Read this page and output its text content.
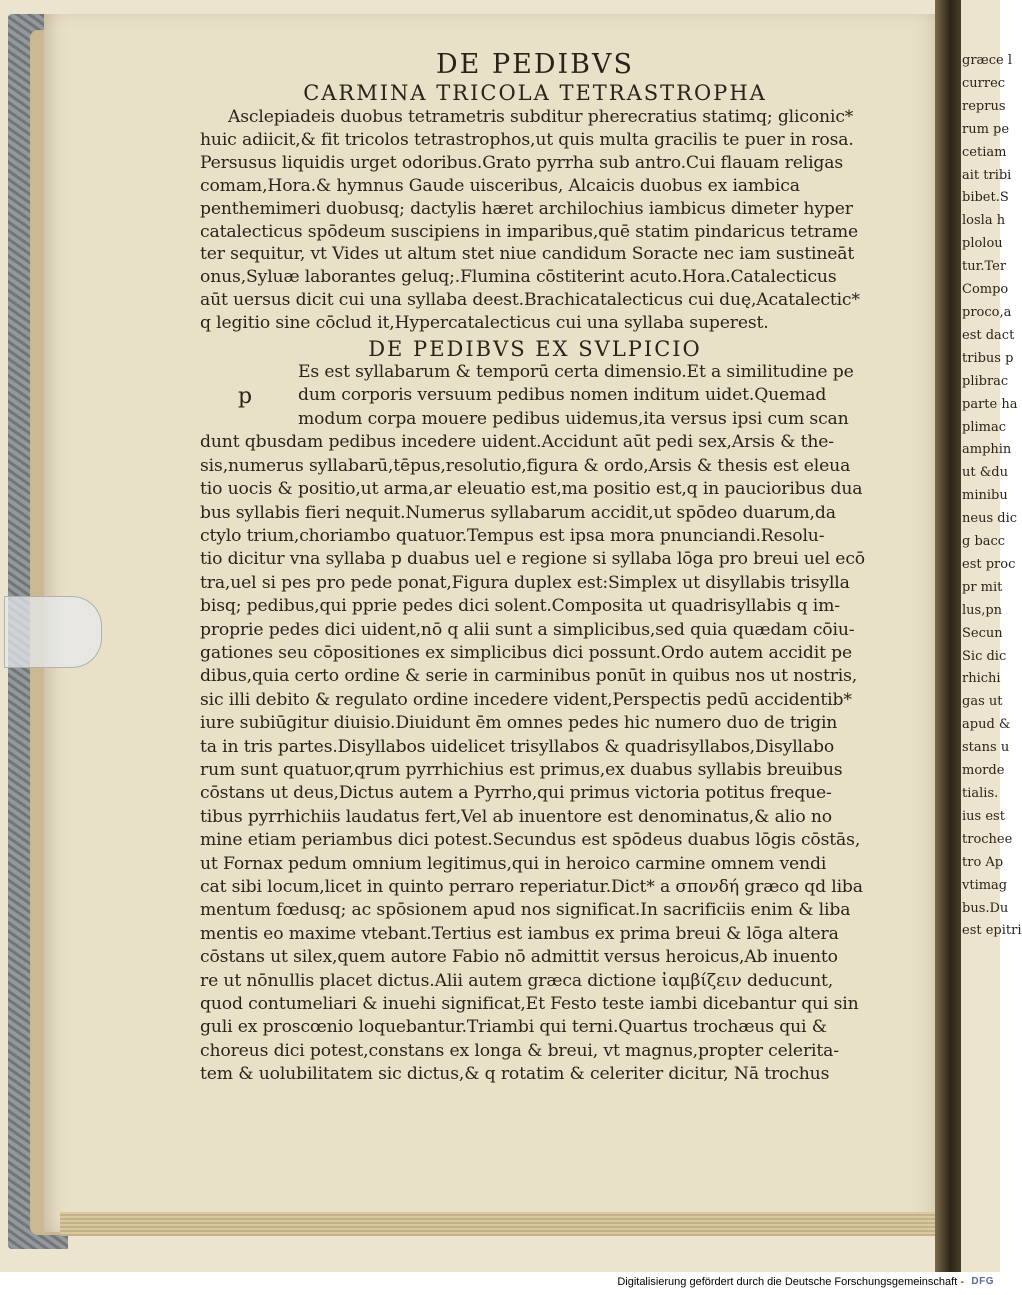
DE PEDIBVS
CARMINA TRICOLA TETRASTROPHA
Asclepiadeis duobus tetrametris subditur pherecratius statimq; gliconic*
huic adiicit,& fit tricolos tetrastrophos,ut quis multa gracilis te puer in rosa.
Persusus liquidis urget odoribus.Grato pyrrha sub antro.Cui flauam religas
comam,Hora.& hymnus Gaude uisceribus, Alcaicis duobus ex iambica
penthemimeri duobusq; dactylis hæret archilochius iambicus dimeter hyper
catalecticus spōdeum suscipiens in imparibus,quē statim pindaricus tetrame
ter sequitur, vt Vides ut altum stet niue candidum Soracte nec iam sustineāt
onus,Syluæ laborantes geluq;.Flumina cōstiterint acuto.Hora.Catalecticus
aūt uersus dicit cui una syllaba deest.Brachicatalecticus cui duę,Acatalectic*
q legitio sine cōclud it,Hypercatalecticus cui una syllaba superest.
DE PEDIBVS EX SVLPICIO
Es est syllabarum & temporū certa dimensio.Et a similitudine pe
dum corporis versuum pedibus nomen inditum uidet.Quemad
modum corpa mouere pedibus uidemus,ita versus ipsi cum scan
dunt qbusdam pedibus incedere uident.Accidunt aūt pedi sex,Arsis & the-
sis,numerus syllabarū,tēpus,resolutio,figura & ordo,Arsis & thesis est eleua
tio uocis & positio,ut arma,ar eleuatio est,ma positio est,q in paucioribus dua
bus syllabis fieri nequit.Numerus syllabarum accidit,ut spōdeo duarum,da
ctylo trium,choriambo quatuor.Tempus est ipsa mora pnunciandi.Resolu-
tio dicitur vna syllaba p duabus uel e regione si syllaba lōga pro breui uel ecō
tra,uel si pes pro pede ponat,Figura duplex est:Simplex ut disyllabis trisylla
bisq; pedibus,qui pprie pedes dici solent.Composita ut quadrisyllabis q im-
proprie pedes dici uident,nō q alii sunt a simplicibus,sed quia quædam cōiu-
gationes seu cōpositiones ex simplicibus dici possunt.Ordo autem accidit pe
dibus,quia certo ordine & serie in carminibus ponūt in quibus nos ut nostris,
sic illi debito & regulato ordine incedere vident,Perspectis pedū accidentib*
iure subiūgitur diuisio.Diuidunt ēm omnes pedes hic numero duo de trigin
ta in tris partes.Disyllabos uidelicet trisyllabos & quadrisyllabos,Disyllabo
rum sunt quatuor,qrum pyrrhichius est primus,ex duabus syllabis breuibus
cōstans ut deus,Dictus autem a Pyrrho,qui primus victoria potitus freque-
tibus pyrrhichiis laudatus fert,Vel ab inuentore est denominatus,& alio no
mine etiam periambus dici potest.Secundus est spōdeus duabus lōgis cōstās,
ut Fornax pedum omnium legitimus,qui in heroico carmine omnem vendi
cat sibi locum,licet in quinto perraro reperiatur.Dict* a σπονδή græco qd liba
mentum fœdusq; ac spōsionem apud nos significat.In sacrificiis enim & liba
mentis eo maxime vtebant.Tertius est iambus ex prima breui & lōga altera
cōstans ut silex,quem autore Fabio nō admittit versus heroicus,Ab inuento
re ut nōnullis placet dictus.Alii autem græca dictione ἰαμβίζειν deducunt,
quod contumeliari & inuehi significat,Et Festo teste iambi dicebantur qui sin
guli ex proscœnio loquebantur.Triambi qui terni.Quartus trochæus qui &
choreus dici potest,constans ex longa & breui, vt magnus,propter celerita-
tem & uolubilitatem sic dictus,& q rotatim & celeriter dicitur, Nā trochus
p
græce l
currec
reprus
rum pe
cetiam
ait tribi
bibet.S
losla h
plolou
tur.Ter
Compo
proco,a
est dact
tribus p
plibrac
parte ha
plimac
amphin
ut &du
minibu
neus dic
g bacc
est proc
pr mit
lus,pn
Secun
Sic dic
rhichi
gas ut
apud &
stans u
morde
tialis.
ius est
trochee
tro Ap
vtimag
bus.Du
est epitri
Digitalisierung gefördert durch die Deutsche Forschungsgemeinschaft - DFG
